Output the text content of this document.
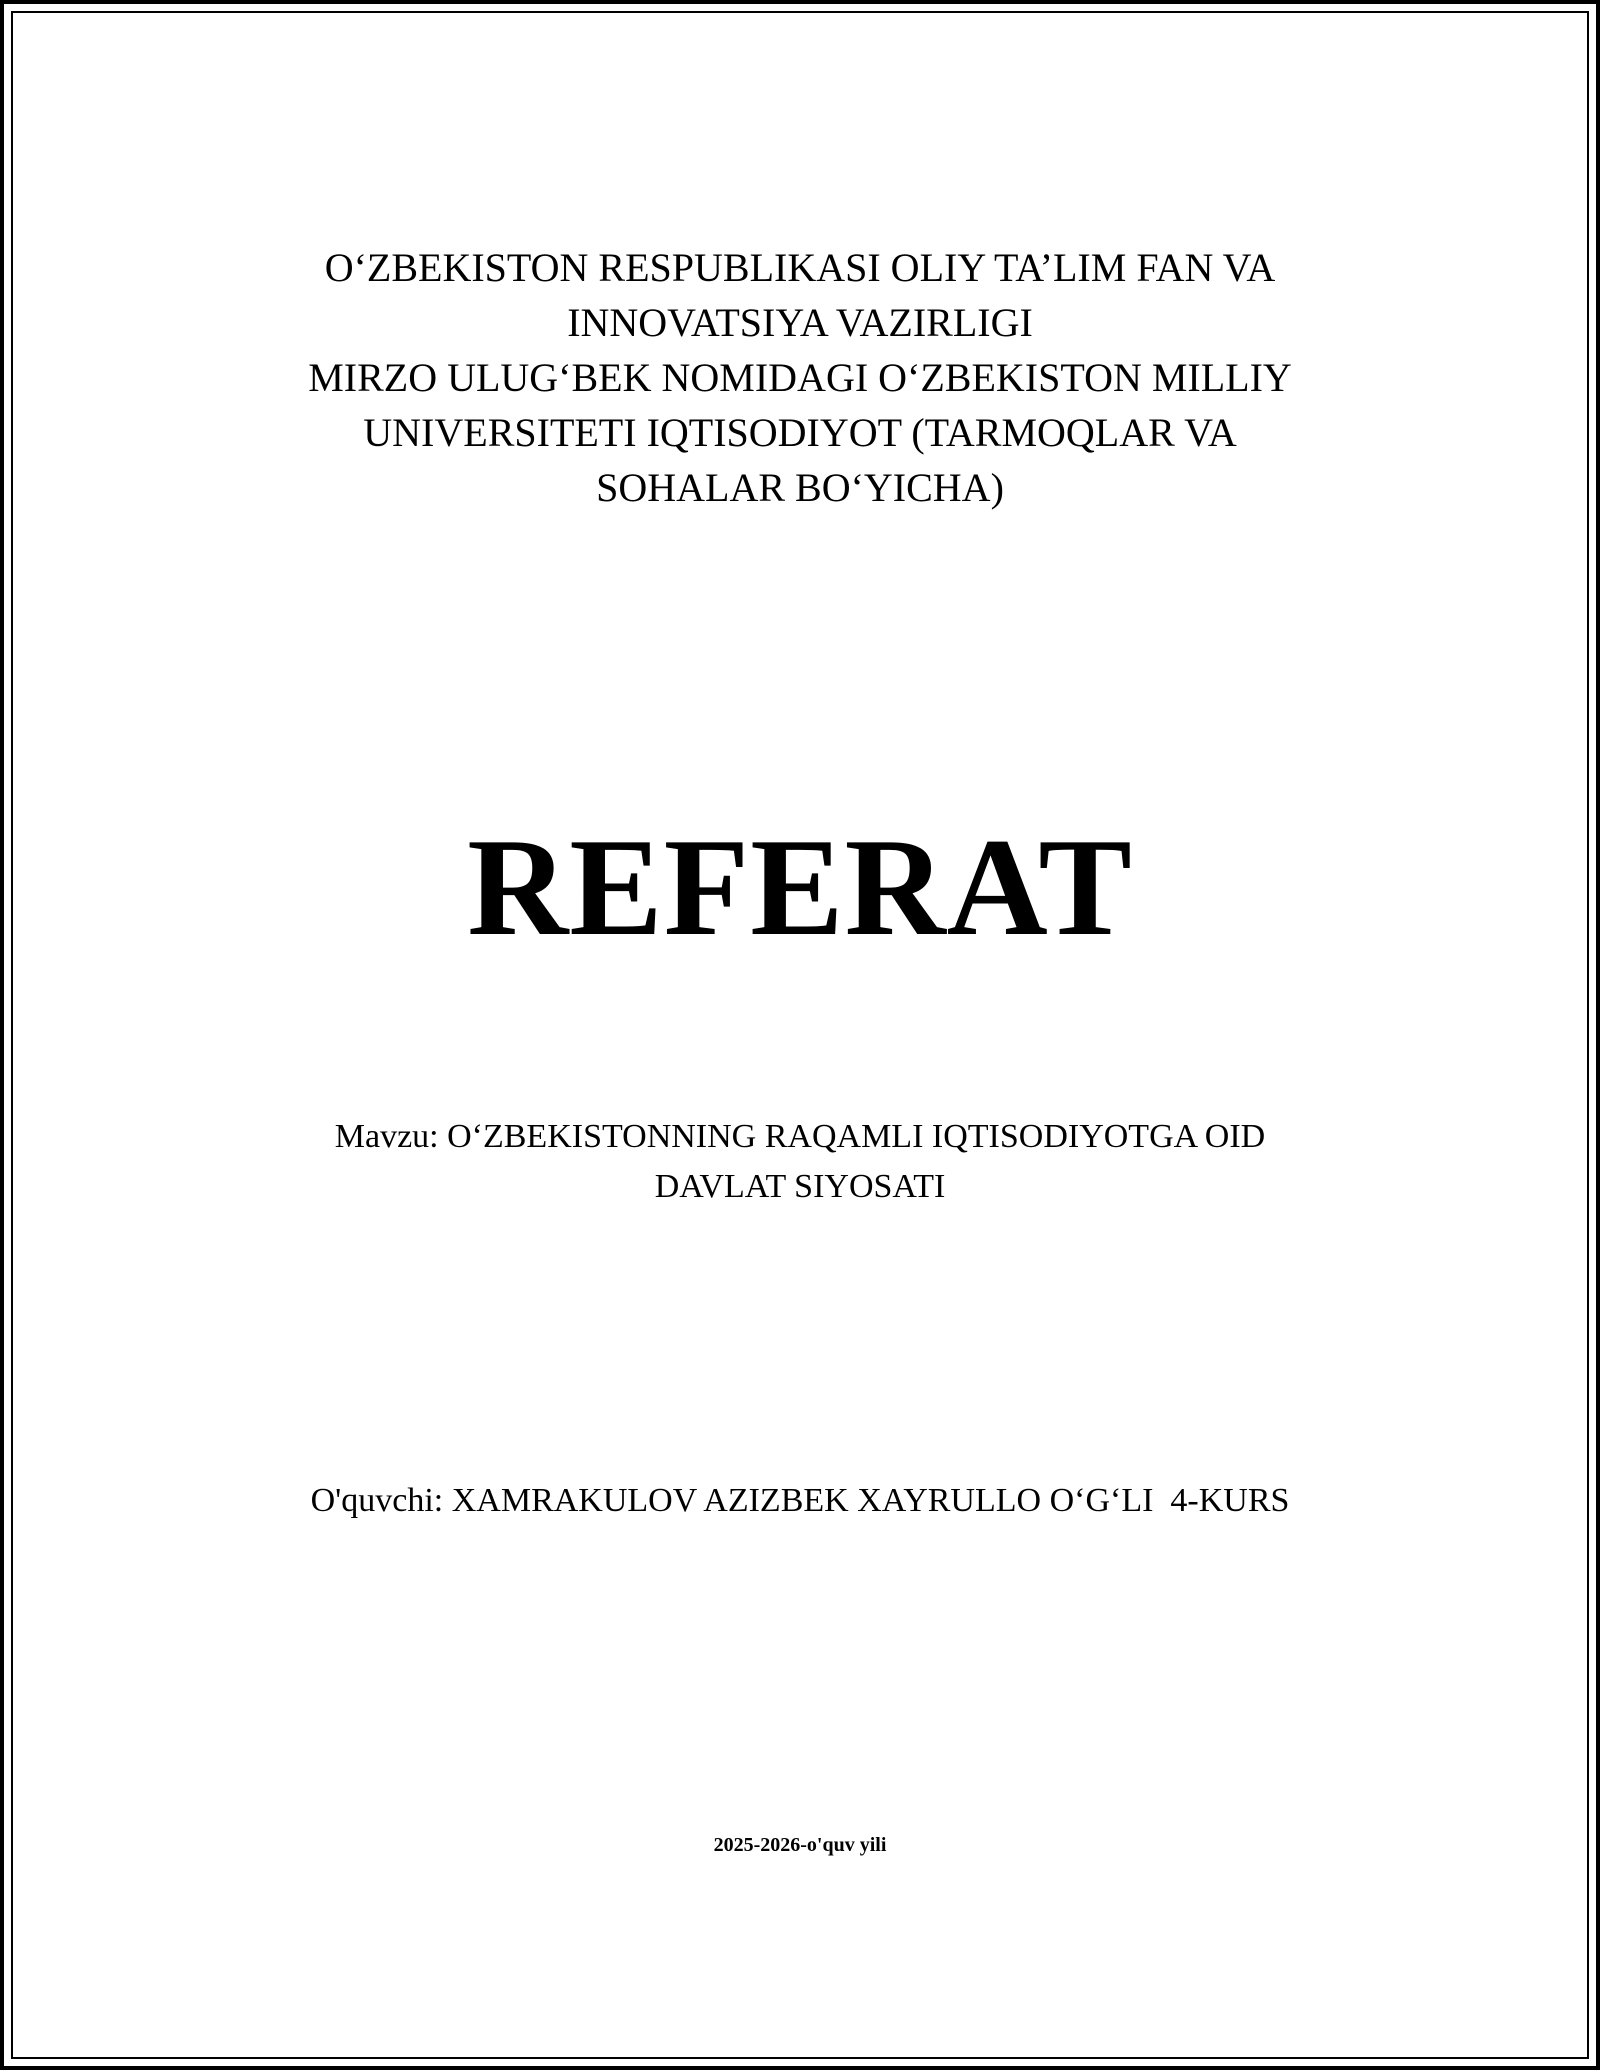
O‘ZBEKISTON RESPUBLIKASI OLIY TA’LIM FAN VA
INNOVATSIYA VAZIRLIGI
MIRZO ULUG‘BEK NOMIDAGI O‘ZBEKISTON MILLIY
UNIVERSITETI IQTISODIYOT (TARMOQLAR VA
SOHALAR BO‘YICHA)
REFERAT
Mavzu: O‘ZBEKISTONNING RAQAMLI IQTISODIYOTGA OID
DAVLAT SIYOSATI
O'quvchi: XAMRAKULOV AZIZBEK XAYRULLO O‘G‘LI  4-KURS
2025-2026-o'quv yili
